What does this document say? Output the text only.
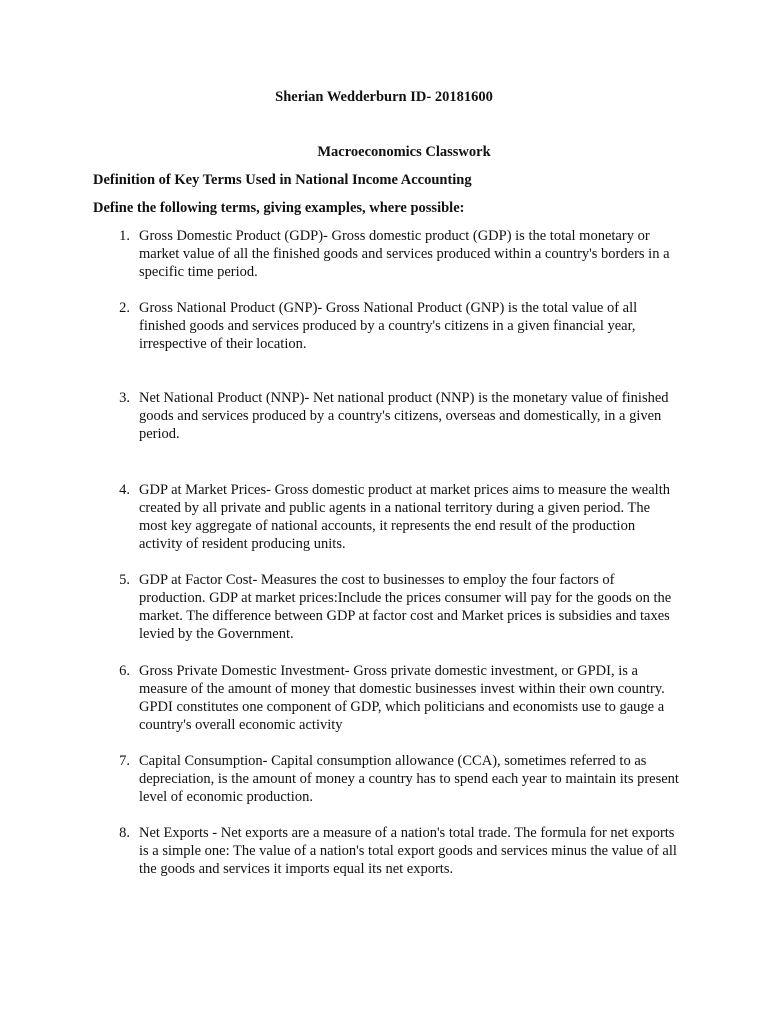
Sherian Wedderburn ID- 20181600
Macroeconomics Classwork
Definition of Key Terms Used in National Income Accounting
Define the following terms, giving examples, where possible:
1. Gross Domestic Product (GDP)- Gross domestic product (GDP) is the total monetary or market value of all the finished goods and services produced within a country's borders in a specific time period.
2. Gross National Product (GNP)- Gross National Product (GNP) is the total value of all finished goods and services produced by a country's citizens in a given financial year, irrespective of their location.
3. Net National Product (NNP)- Net national product (NNP) is the monetary value of finished goods and services produced by a country's citizens, overseas and domestically, in a given period.
4. GDP at Market Prices- Gross domestic product at market prices aims to measure the wealth created by all private and public agents in a national territory during a given period. The most key aggregate of national accounts, it represents the end result of the production activity of resident producing units.
5. GDP at Factor Cost- Measures the cost to businesses to employ the four factors of production. GDP at market prices:Include the prices consumer will pay for the goods on the market. The difference between GDP at factor cost and Market prices is subsidies and taxes levied by the Government.
6. Gross Private Domestic Investment- Gross private domestic investment, or GPDI, is a measure of the amount of money that domestic businesses invest within their own country. GPDI constitutes one component of GDP, which politicians and economists use to gauge a country's overall economic activity
7. Capital Consumption- Capital consumption allowance (CCA), sometimes referred to as depreciation, is the amount of money a country has to spend each year to maintain its present level of economic production.
8. Net Exports - Net exports are a measure of a nation's total trade. The formula for net exports is a simple one: The value of a nation's total export goods and services minus the value of all the goods and services it imports equal its net exports.
